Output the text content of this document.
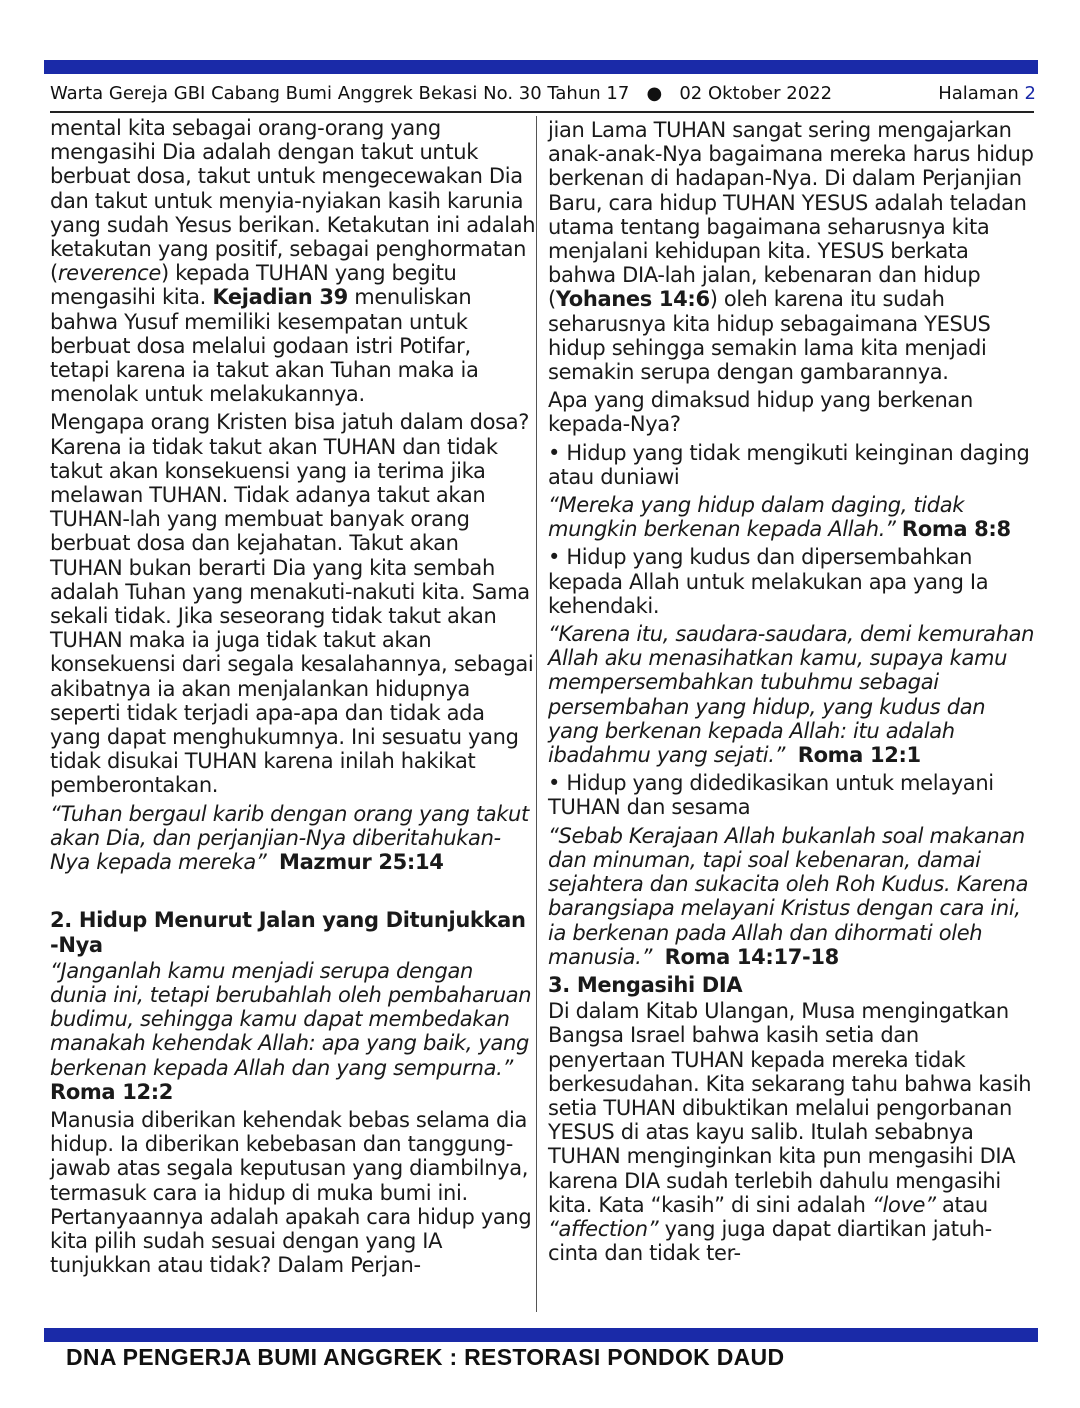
Warta Gereja GBI Cabang Bumi Anggrek Bekasi No. 30 Tahun 17 ● 02 Oktober 2022	Halaman 2

mental kita sebagai orang-orang yang mengasihi Dia adalah dengan takut untuk berbuat dosa, takut untuk mengecewakan Dia dan takut untuk menyia-nyiakan kasih karunia yang sudah Yesus berikan. Ketakutan ini adalah ketakutan yang positif, sebagai penghormatan (reverence) kepada TUHAN yang begitu mengasihi kita. Kejadian 39 menuliskan bahwa Yusuf memiliki kesempatan untuk berbuat dosa melalui godaan istri Potifar, tetapi karena ia takut akan Tuhan maka ia menolak untuk melakukannya.

Mengapa orang Kristen bisa jatuh dalam dosa? Karena ia tidak takut akan TUHAN dan tidak takut akan konsekuensi yang ia terima jika melawan TUHAN. Tidak adanya takut akan TUHAN-lah yang membuat banyak orang berbuat dosa dan kejahatan. Takut akan TUHAN bukan berarti Dia yang kita sembah adalah Tuhan yang menakuti-nakuti kita. Sama sekali tidak. Jika seseorang tidak takut akan TUHAN maka ia juga tidak takut akan konsekuensi dari segala kesalahannya, sebagai akibatnya ia akan menjalankan hidupnya seperti tidak terjadi apa-apa dan tidak ada yang dapat menghukumnya. Ini sesuatu yang tidak disukai TUHAN karena inilah hakikat pemberontakan.

“Tuhan bergaul karib dengan orang yang takut akan Dia, dan perjanjian-Nya diberitahukan-Nya kepada mereka” Mazmur 25:14

2. Hidup Menurut Jalan yang Ditunjukkan -Nya

“Janganlah kamu menjadi serupa dengan dunia ini, tetapi berubahlah oleh pembaharuan budimu, sehingga kamu dapat membedakan manakah kehendak Allah: apa yang baik, yang berkenan kepada Allah dan yang sempurna.”  Roma 12:2

Manusia diberikan kehendak bebas selama dia hidup. Ia diberikan kebebasan dan tanggung-jawab atas segala keputusan yang diambilnya, termasuk cara ia hidup di muka bumi ini. Pertanyaannya adalah apakah cara hidup yang kita pilih sudah sesuai dengan yang IA tunjukkan atau tidak? Dalam Perjan-

jian Lama TUHAN sangat sering mengajarkan anak-anak-Nya bagaimana mereka harus hidup berkenan di hadapan-Nya. Di dalam Perjanjian Baru, cara hidup TUHAN YESUS adalah teladan utama tentang bagaimana seharusnya kita menjalani kehidupan kita. YESUS berkata bahwa DIA-lah jalan, kebenaran dan hidup (Yohanes 14:6) oleh karena itu sudah seharusnya kita hidup sebagaimana YESUS hidup sehingga semakin lama kita menjadi semakin serupa dengan gambarannya.

Apa yang dimaksud hidup yang berkenan kepada-Nya?

• Hidup yang tidak mengikuti keinginan daging atau duniawi

“Mereka yang hidup dalam daging, tidak mungkin berkenan kepada Allah.” Roma 8:8

• Hidup yang kudus dan dipersembahkan kepada Allah untuk melakukan apa yang Ia kehendaki.

“Karena itu, saudara-saudara, demi kemurahan Allah aku menasihatkan kamu, supaya kamu mempersembahkan tubuhmu sebagai persembahan yang hidup, yang kudus dan yang berkenan kepada Allah: itu adalah ibadahmu yang sejati.” Roma 12:1

• Hidup yang didedikasikan untuk melayani TUHAN dan sesama

“Sebab Kerajaan Allah bukanlah soal makanan dan minuman, tapi soal kebenaran, damai sejahtera dan sukacita oleh Roh Kudus. Karena barangsiapa melayani Kristus dengan cara ini, ia berkenan pada Allah dan dihormati oleh manusia.” Roma 14:17-18

3. Mengasihi DIA

Di dalam Kitab Ulangan, Musa mengingatkan Bangsa Israel bahwa kasih setia dan penyertaan TUHAN kepada mereka tidak berkesudahan. Kita sekarang tahu bahwa kasih setia TUHAN dibuktikan melalui pengorbanan YESUS di atas kayu salib. Itulah sebabnya TUHAN menginginkan kita pun mengasihi DIA karena DIA sudah terlebih dahulu mengasihi kita. Kata “kasih” di sini adalah “love” atau “affection” yang juga dapat diartikan jatuh-cinta dan tidak ter-

DNA PENGERJA BUMI ANGGREK : RESTORASI PONDOK DAUD
